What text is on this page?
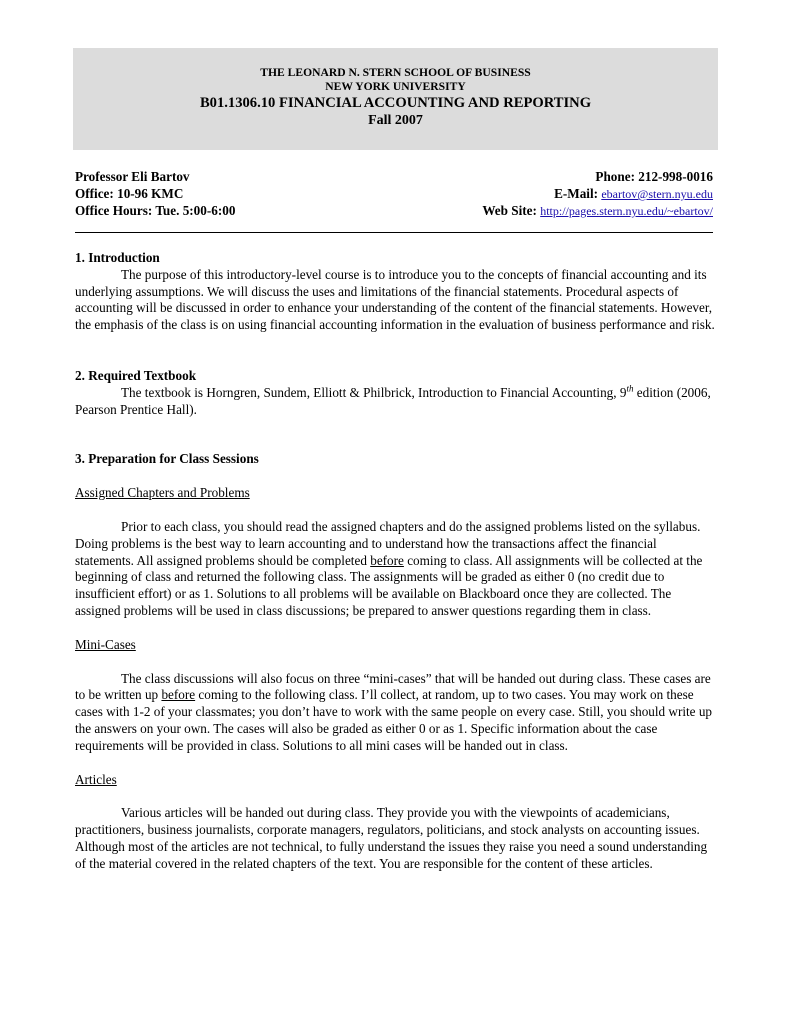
THE LEONARD N. STERN SCHOOL OF BUSINESS
NEW YORK UNIVERSITY
B01.1306.10 FINANCIAL ACCOUNTING AND REPORTING
Fall 2007
Professor Eli Bartov	Phone: 212-998-0016
Office: 10-96 KMC	E-Mail: ebartov@stern.nyu.edu
Office Hours: Tue. 5:00-6:00	Web Site: http://pages.stern.nyu.edu/~ebartov/

1. Introduction

The purpose of this introductory-level course is to introduce you to the concepts of financial accounting and its underlying assumptions. We will discuss the uses and limitations of the financial statements. Procedural aspects of accounting will be discussed in order to enhance your understanding of the content of the financial statements. However, the emphasis of the class is on using financial accounting information in the evaluation of business performance and risk.

2. Required Textbook

The textbook is Horngren, Sundem, Elliott & Philbrick, Introduction to Financial Accounting, 9th edition (2006, Pearson Prentice Hall).

3. Preparation for Class Sessions

Assigned Chapters and Problems

Prior to each class, you should read the assigned chapters and do the assigned problems listed on the syllabus. Doing problems is the best way to learn accounting and to understand how the transactions affect the financial statements. All assigned problems should be completed before coming to class. All assignments will be collected at the beginning of class and returned the following class. The assignments will be graded as either 0 (no credit due to insufficient effort) or as 1. Solutions to all problems will be available on Blackboard once they are collected. The assigned problems will be used in class discussions; be prepared to answer questions regarding them in class.

Mini-Cases

The class discussions will also focus on three “mini-cases” that will be handed out during class. These cases are to be written up before coming to the following class. I’ll collect, at random, up to two cases. You may work on these cases with 1-2 of your classmates; you don’t have to work with the same people on every case. Still, you should write up the answers on your own. The cases will also be graded as either 0 or as 1. Specific information about the case requirements will be provided in class. Solutions to all mini cases will be handed out in class.

Articles

Various articles will be handed out during class. They provide you with the viewpoints of academicians, practitioners, business journalists, corporate managers, regulators, politicians, and stock analysts on accounting issues. Although most of the articles are not technical, to fully understand the issues they raise you need a sound understanding of the material covered in the related chapters of the text. You are responsible for the content of these articles.
